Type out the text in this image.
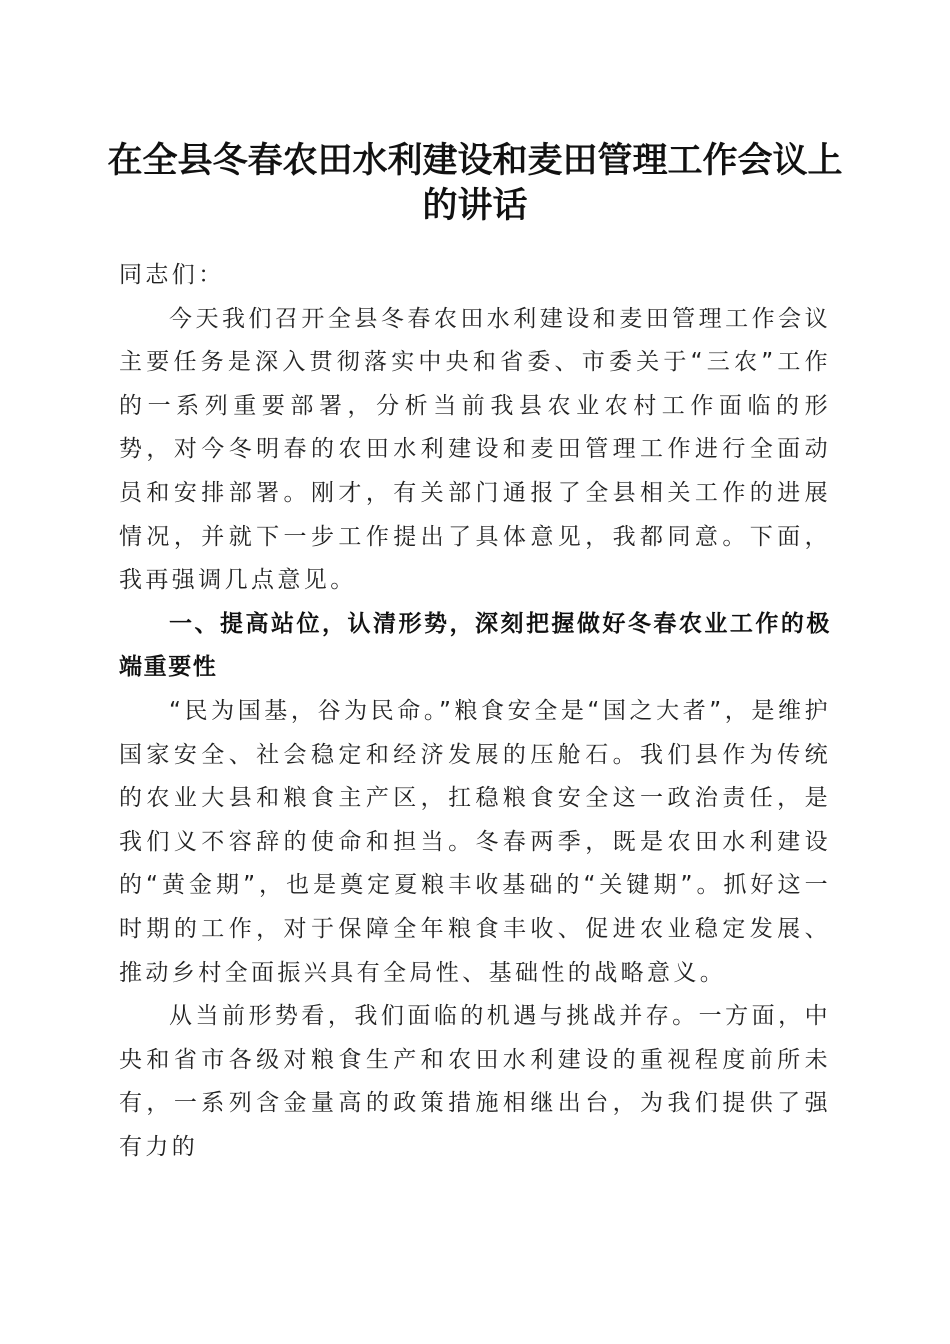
在全县冬春农田水利建设和麦田管理工作会议上的讲话

同志们：

今天我们召开全县冬春农田水利建设和麦田管理工作会议主要任务是深入贯彻落实中央和省委、市委关于“三农”工作的一系列重要部署，分析当前我县农业农村工作面临的形势，对今冬明春的农田水利建设和麦田管理工作进行全面动员和安排部署。刚才，有关部门通报了全县相关工作的进展情况，并就下一步工作提出了具体意见，我都同意。下面，我再强调几点意见。

一、提高站位，认清形势，深刻把握做好冬春农业工作的极端重要性

“民为国基，谷为民命。”粮食安全是“国之大者”，是维护国家安全、社会稳定和经济发展的压舱石。我们县作为传统的农业大县和粮食主产区，扛稳粮食安全这一政治责任，是我们义不容辞的使命和担当。冬春两季，既是农田水利建设的“黄金期”，也是奠定夏粮丰收基础的“关键期”。抓好这一时期的工作，对于保障全年粮食丰收、促进农业稳定发展、推动乡村全面振兴具有全局性、基础性的战略意义。

从当前形势看，我们面临的机遇与挑战并存。一方面，中央和省市各级对粮食生产和农田水利建设的重视程度前所未有，一系列含金量高的政策措施相继出台，为我们提供了强有力的
